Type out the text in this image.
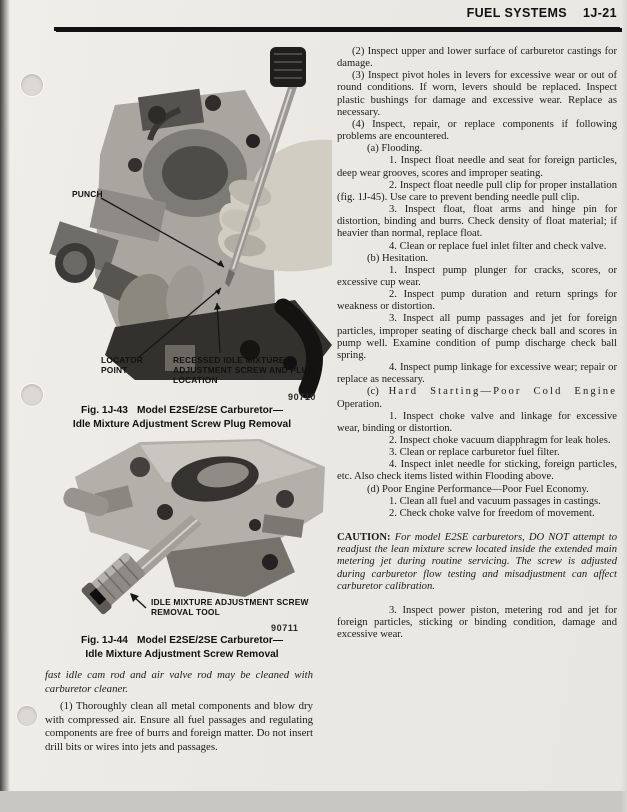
FUEL SYSTEMS 1J-21
PUNCH
LOCATOR POINT
RECESSED IDLE MIXTURE ADJUSTMENT SCREW AND PLUG LOCATION
90710
Fig. 1J-43 Model E2SE/2SE Carburetor—
Idle Mixture Adjustment Screw Plug Removal
IDLE MIXTURE ADJUSTMENT SCREW REMOVAL TOOL
90711
Fig. 1J-44 Model E2SE/2SE Carburetor—
Idle Mixture Adjustment Screw Removal
fast idle cam rod and air valve rod may be cleaned with carburetor cleaner.
(1) Thoroughly clean all metal components and blow dry with compressed air. Ensure all fuel passages and regulating components are free of burrs and foreign matter. Do not insert drill bits or wires into jets and passages.

(2) Inspect upper and lower surface of carburetor castings for damage.

(3) Inspect pivot holes in levers for excessive wear or out of round conditions. If worn, levers should be replaced. Inspect plastic bushings for damage and excessive wear. Replace as necessary.

(4) Inspect, repair, or replace components if following problems are encountered.

(a) Flooding.

1. Inspect float needle and seat for foreign particles, deep wear grooves, scores and improper seating.

2. Inspect float needle pull clip for proper installation (fig. 1J-45). Use care to prevent bending needle pull clip.

3. Inspect float, float arms and hinge pin for distortion, binding and burrs. Check density of float material; if heavier than normal, replace float.

4. Clean or replace fuel inlet filter and check valve.

(b) Hesitation.

1. Inspect pump plunger for cracks, scores, or excessive cup wear.

2. Inspect pump duration and return springs for weakness or distortion.

3. Inspect all pump passages and jet for foreign particles, improper seating of discharge check ball and scores in pump well. Examine condition of pump discharge check ball spring.

4. Inspect pump linkage for excessive wear; repair or replace as necessary.

(c) Hard Starting—Poor Cold Engine Operation.

1. Inspect choke valve and linkage for excessive wear, binding or distortion.

2. Inspect choke vacuum diapphragm for leak holes.

3. Clean or replace carburetor fuel filter.

4. Inspect inlet needle for sticking, foreign particles, etc. Also check items listed within Flooding above.

(d) Poor Engine Performance—Poor Fuel Economy.

1. Clean all fuel and vacuum passages in castings.

2. Check choke valve for freedom of movement.

CAUTION: For model E2SE carburetors, DO NOT attempt to readjust the lean mixture screw located inside the extended main metering jet during routine servicing. The screw is adjusted during carburetor flow testing and misadjustment can affect carburetor calibration.

3. Inspect power piston, metering rod and jet for foreign particles, sticking or binding condition, damage and excessive wear.
